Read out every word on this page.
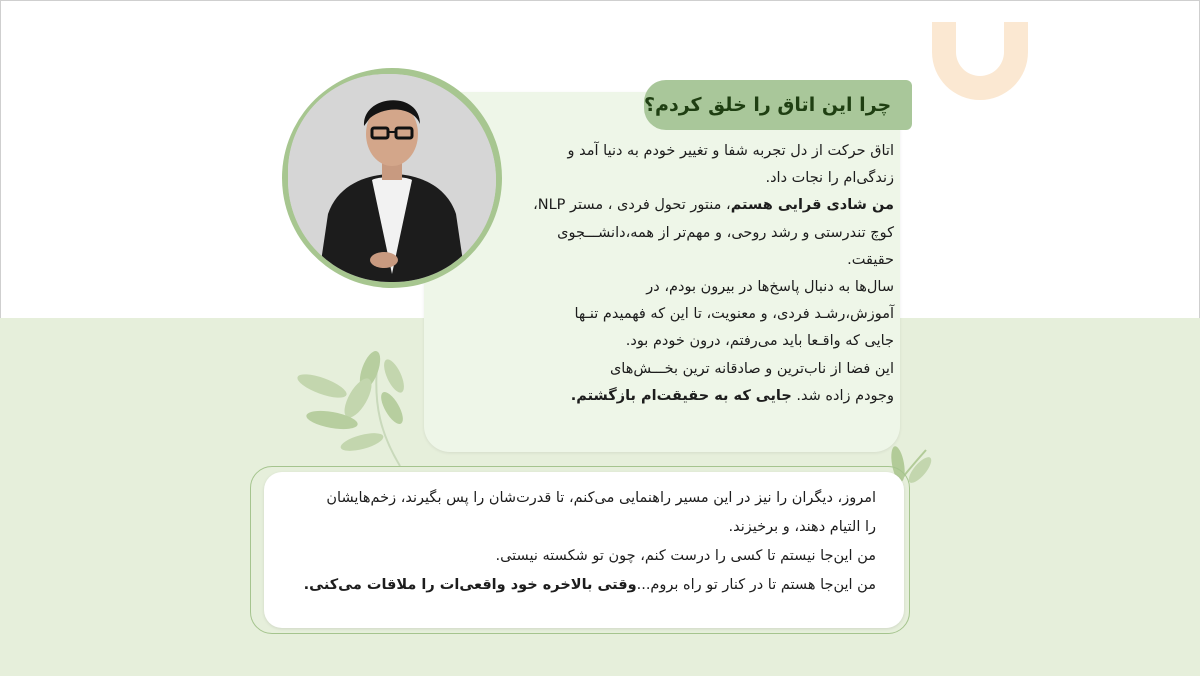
چرا این اتاق را خلق کردم؟

اتاق حرکت از دل تجربه شفا و تغییر خودم به دنیا آمد و

زندگی‌ام را نجات داد.

من شادی قرایی هستم، منتور تحول فردی ، مستر NLP،

کوچ تندرستی و رشد روحی، و مهم‌تر از همه،دانشـــجوی

حقیقت.

سال‌ها به دنبال پاسخ‌ها در بیرون بودم، در

آموزش،رشـد فردی، و معنویت، تا این که فهمیدم تنـها

جایی که واقـعا باید می‌رفتم، درون خودم بود.

این فضا از ناب‌ترین و صادقانه ترین بخـــش‌های

وجودم زاده شد. جایی که به حقیقت‌ام بازگشتم.

امروز، دیگران را نیز در این مسیر راهنمایی می‌کنم، تا قدرت‌شان را پس بگیرند، زخم‌هایشان

را التیام دهند، و برخیزند.

من این‌جا نیستم تا کسی را درست کنم، چون تو شکسته نیستی.

من این‌جا هستم تا در کنار تو راه بروم...وقتی بالاخره خود واقعی‌ات را ملاقات می‌کنی.
